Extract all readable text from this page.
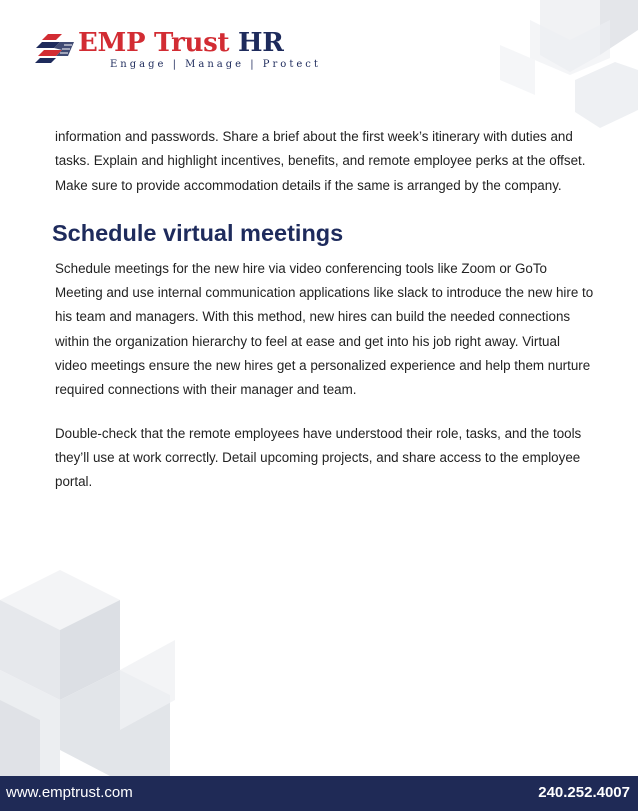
EMP Trust HR
Engage | Manage | Protect

information and passwords. Share a brief about the first week’s itinerary with duties and tasks. Explain and highlight incentives, benefits, and remote employee perks at the offset. Make sure to provide accommodation details if the same is arranged by the company.

Schedule virtual meetings

Schedule meetings for the new hire via video conferencing tools like Zoom or GoTo Meeting and use internal communication applications like slack to introduce the new hire to his team and managers. With this method, new hires can build the needed connections within the organization hierarchy to feel at ease and get into his job right away. Virtual video meetings ensure the new hires get a personalized experience and help them nurture required connections with their manager and team.

Double-check that the remote employees have understood their role, tasks, and the tools they’ll use at work correctly. Detail upcoming projects, and share access to the employee portal.

www.emptrust.com	240.252.4007
